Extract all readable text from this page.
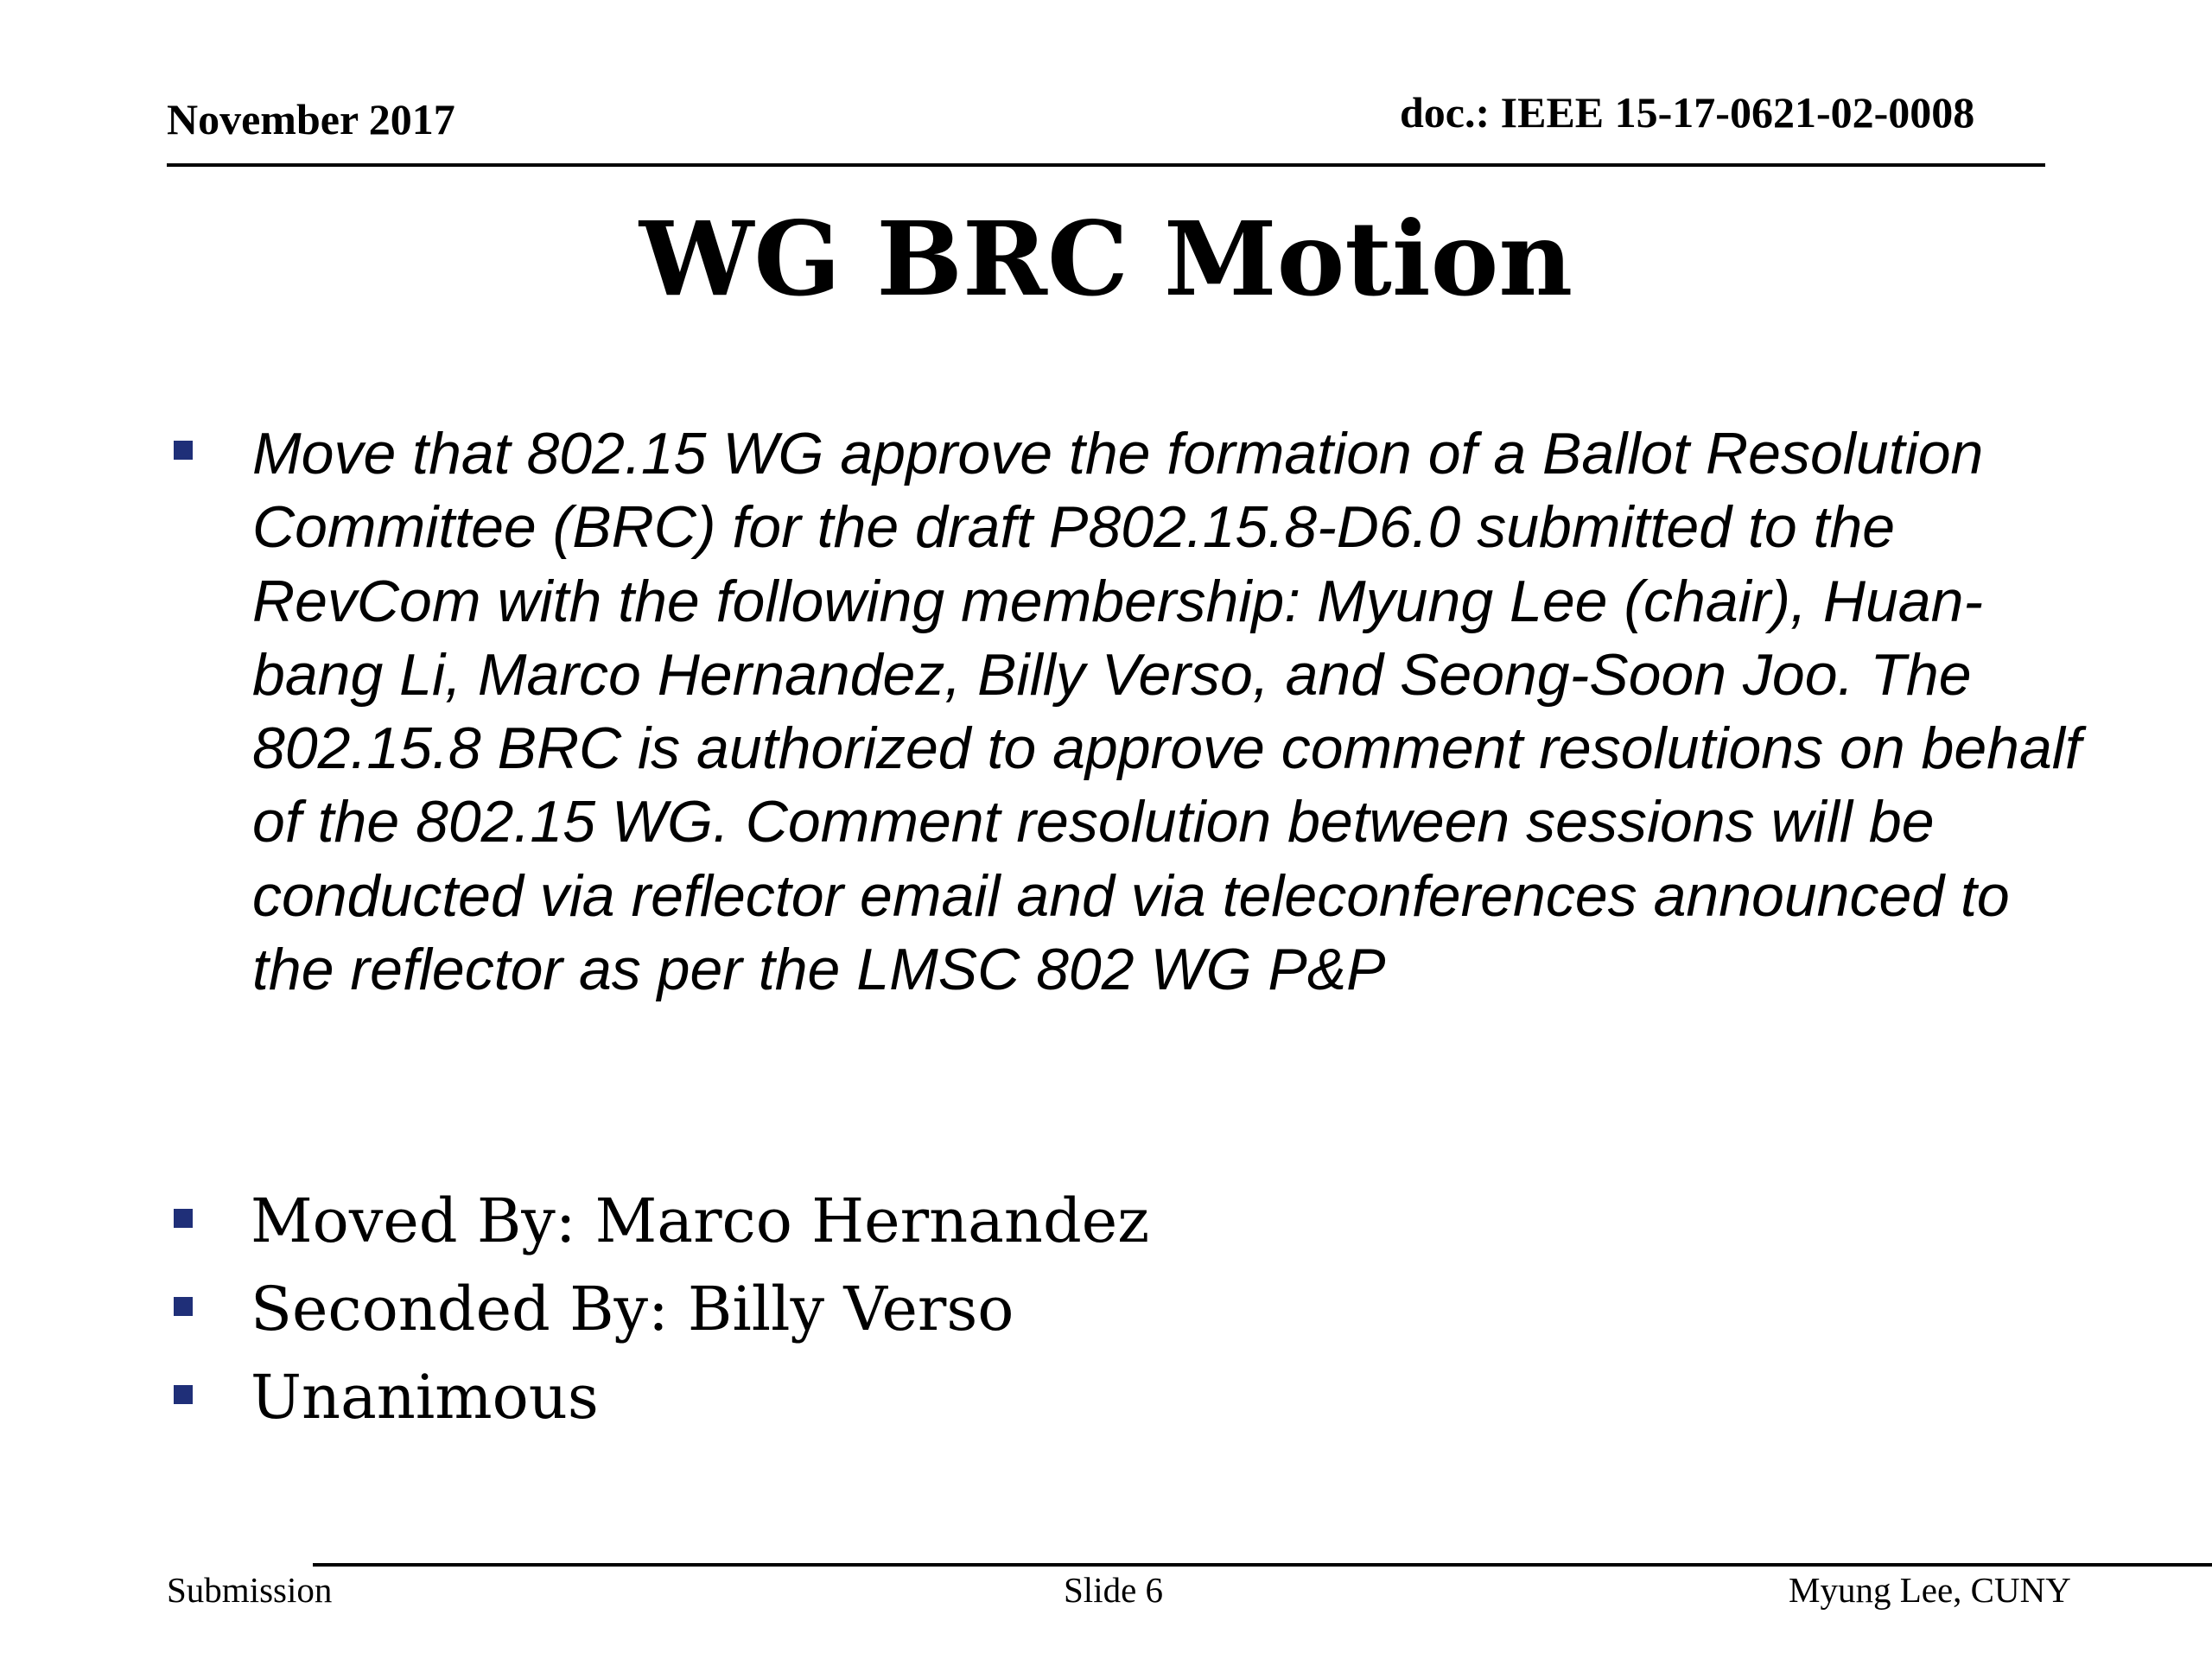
November 2017	doc.: IEEE 15-17-0621-02-0008
WG BRC Motion

Move that 802.15 WG approve the formation of a Ballot Resolution Committee (BRC) for the draft P802.15.8-D6.0 submitted to the RevCom with the following membership: Myung Lee (chair), Huan-bang Li, Marco Hernandez, Billy Verso, and Seong-Soon Joo. The 802.15.8 BRC is authorized to approve comment resolutions on behalf of the 802.15 WG. Comment resolution between sessions will be conducted via reflector email and via teleconferences announced to the reflector as per the LMSC 802 WG P&P

Moved By: Marco Hernandez
Seconded By: Billy Verso
Unanimous
Submission	Slide 6	Myung Lee, CUNY
